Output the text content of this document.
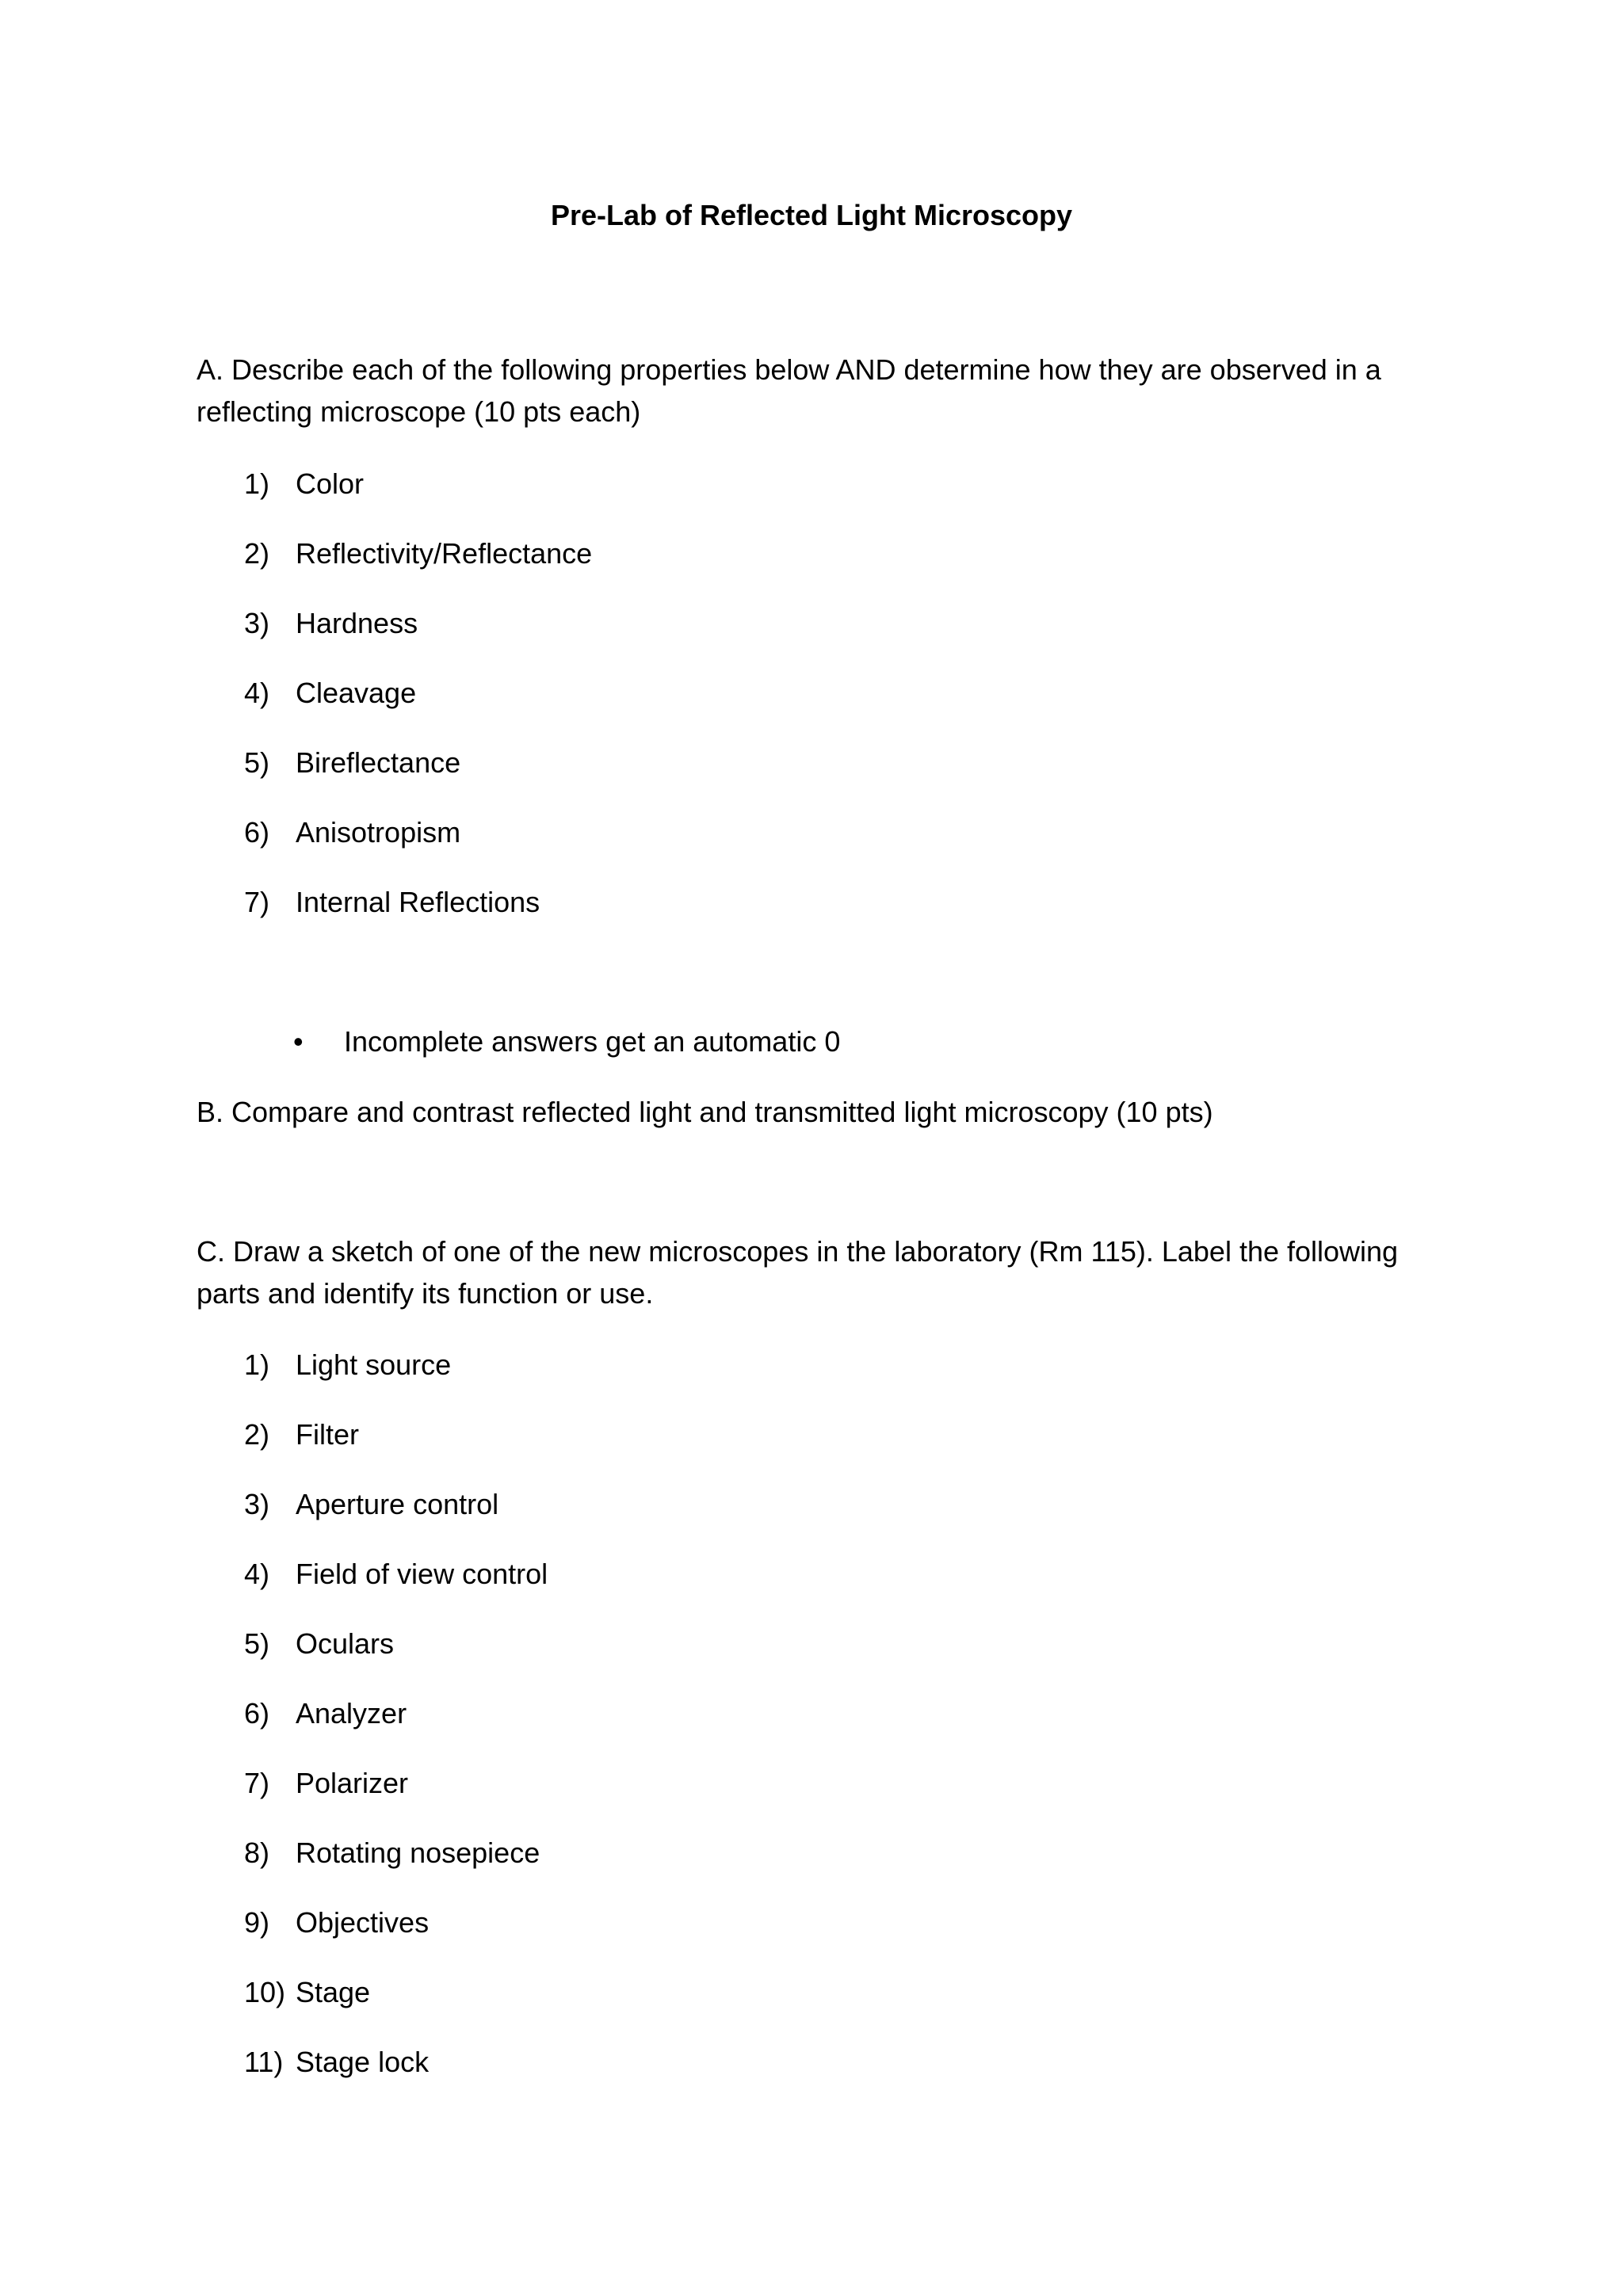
Pre-Lab of Reflected Light Microscopy

A. Describe each of the following properties below AND determine how they are observed in a reflecting microscope (10 pts each)

1) Color
2) Reflectivity/Reflectance
3) Hardness
4) Cleavage
5) Bireflectance
6) Anisotropism
7) Internal Reflections
• Incomplete answers get an automatic 0

B. Compare and contrast reflected light and transmitted light microscopy (10 pts)

C. Draw a sketch of one of the new microscopes in the laboratory (Rm 115). Label the following parts and identify its function or use.

1) Light source
2) Filter
3) Aperture control
4) Field of view control
5) Oculars
6) Analyzer
7) Polarizer
8) Rotating nosepiece
9) Objectives
10) Stage
11) Stage lock
